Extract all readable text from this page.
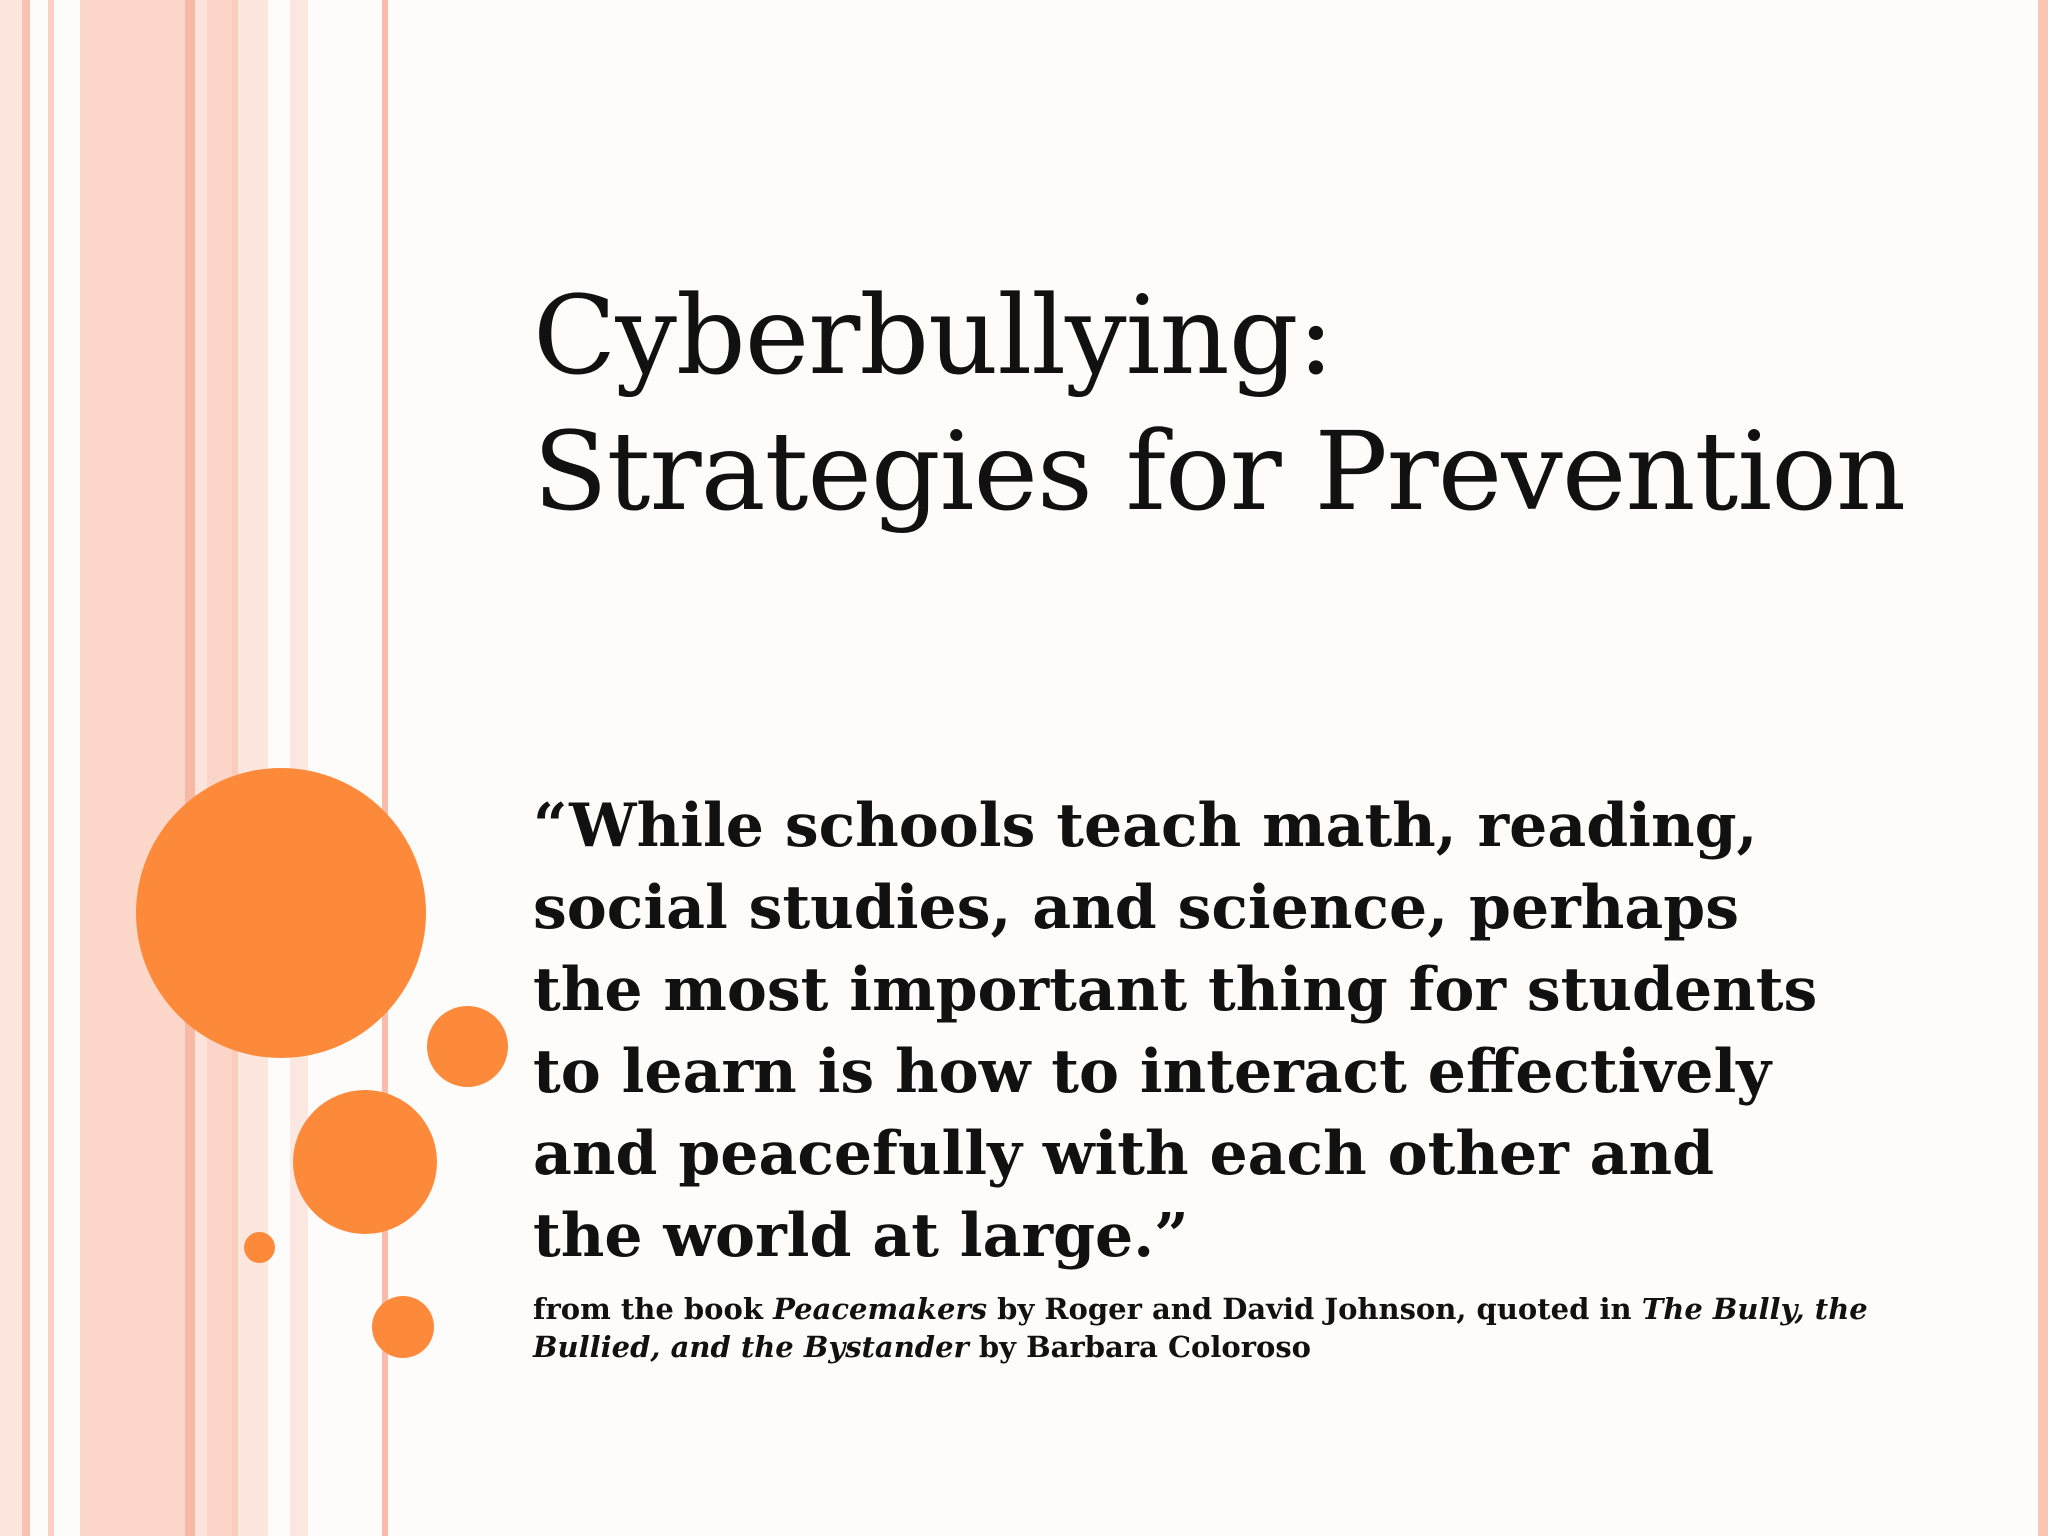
Cyberbullying:
Strategies for Prevention

“While schools teach math, reading,
social studies, and science, perhaps
the most important thing for students
to learn is how to interact effectively
and peacefully with each other and
the world at large.”

from the book Peacemakers by Roger and David Johnson, quoted in The Bully, the
Bullied, and the Bystander by Barbara Coloroso
